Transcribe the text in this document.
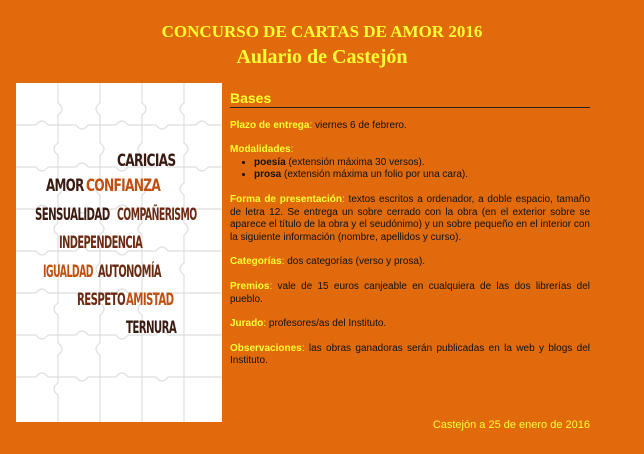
CONCURSO DE CARTAS DE AMOR 2016
Aulario de Castejón
CARICIAS
AMOR CONFIANZA
SENSUALIDAD COMPAÑERISMO
INDEPENDENCIA
IGUALDAD AUTONOMÍA
RESPETO AMISTAD
TERNURA
Bases

Plazo de entrega: viernes 6 de febrero.

Modalidades:
• poesía (extensión máxima 30 versos).
• prosa (extensión máxima un folio por una cara).

Forma de presentación: textos escritos a ordenador, a doble espacio, tamaño de letra 12. Se entrega un sobre cerrado con la obra (en el exterior sobre se aparece el título de la obra y el seudónimo) y un sobre pequeño en el interior con la siguiente información (nombre, apellidos y curso).

Categorías: dos categorías (verso y prosa).

Premios: vale de 15 euros canjeable en cualquiera de las dos librerías del pueblo.

Jurado: profesores/as del Instituto.

Observaciones: las obras ganadoras serán publicadas en la web y blogs del Instituto.

Castejón a 25 de enero de 2016
